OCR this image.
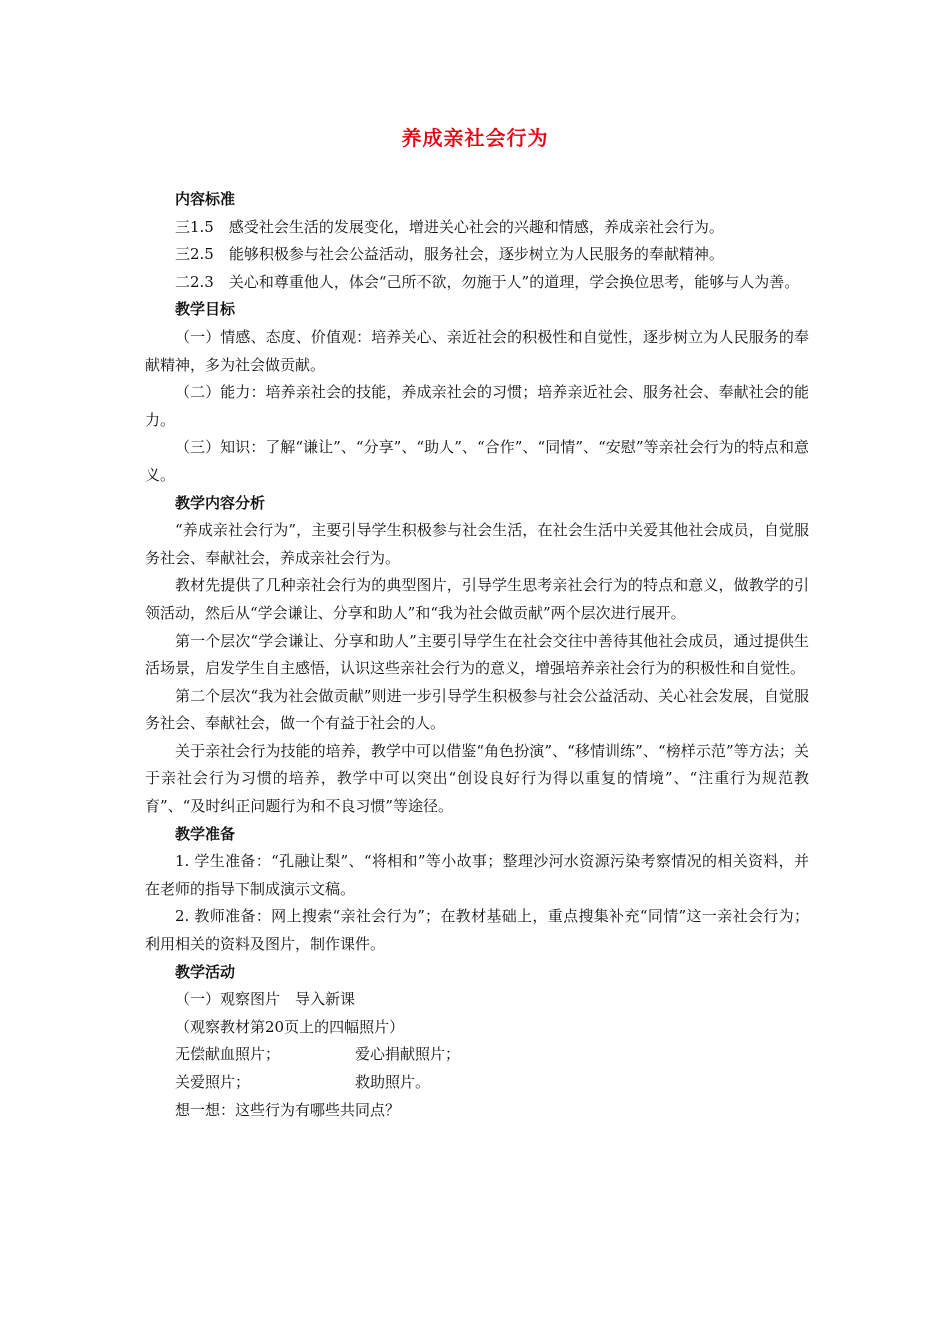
养成亲社会行为

内容标准

三1.5　感受社会生活的发展变化，增进关心社会的兴趣和情感，养成亲社会行为。

三2.5　能够积极参与社会公益活动，服务社会，逐步树立为人民服务的奉献精神。

二2.3　关心和尊重他人，体会“己所不欲，勿施于人”的道理，学会换位思考，能够与人为善。

教学目标

（一）情感、态度、价值观：培养关心、亲近社会的积极性和自觉性，逐步树立为人民服务的奉献精神，多为社会做贡献。

（二）能力：培养亲社会的技能，养成亲社会的习惯；培养亲近社会、服务社会、奉献社会的能力。

（三）知识：了解“谦让”、“分享”、“助人”、“合作”、“同情”、“安慰”等亲社会行为的特点和意义。

教学内容分析

“养成亲社会行为”，主要引导学生积极参与社会生活，在社会生活中关爱其他社会成员，自觉服务社会、奉献社会，养成亲社会行为。

教材先提供了几种亲社会行为的典型图片，引导学生思考亲社会行为的特点和意义，做教学的引领活动，然后从“学会谦让、分享和助人”和“我为社会做贡献”两个层次进行展开。

第一个层次“学会谦让、分享和助人”主要引导学生在社会交往中善待其他社会成员，通过提供生活场景，启发学生自主感悟，认识这些亲社会行为的意义，增强培养亲社会行为的积极性和自觉性。

第二个层次“我为社会做贡献”则进一步引导学生积极参与社会公益活动、关心社会发展，自觉服务社会、奉献社会，做一个有益于社会的人。

关于亲社会行为技能的培养，教学中可以借鉴“角色扮演”、“移情训练”、“榜样示范”等方法；关于亲社会行为习惯的培养，教学中可以突出“创设良好行为得以重复的情境”、“注重行为规范教育”、“及时纠正问题行为和不良习惯”等途径。

教学准备

1. 学生准备：“孔融让梨”、“将相和”等小故事；整理沙河水资源污染考察情况的相关资料，并在老师的指导下制成演示文稿。

2. 教师准备：网上搜索“亲社会行为”；在教材基础上，重点搜集补充“同情”这一亲社会行为；利用相关的资料及图片，制作课件。

教学活动

（一）观察图片　导入新课

（观察教材第20页上的四幅照片）

无偿献血照片；	爱心捐献照片；

关爱照片；	救助照片。

想一想：这些行为有哪些共同点？
